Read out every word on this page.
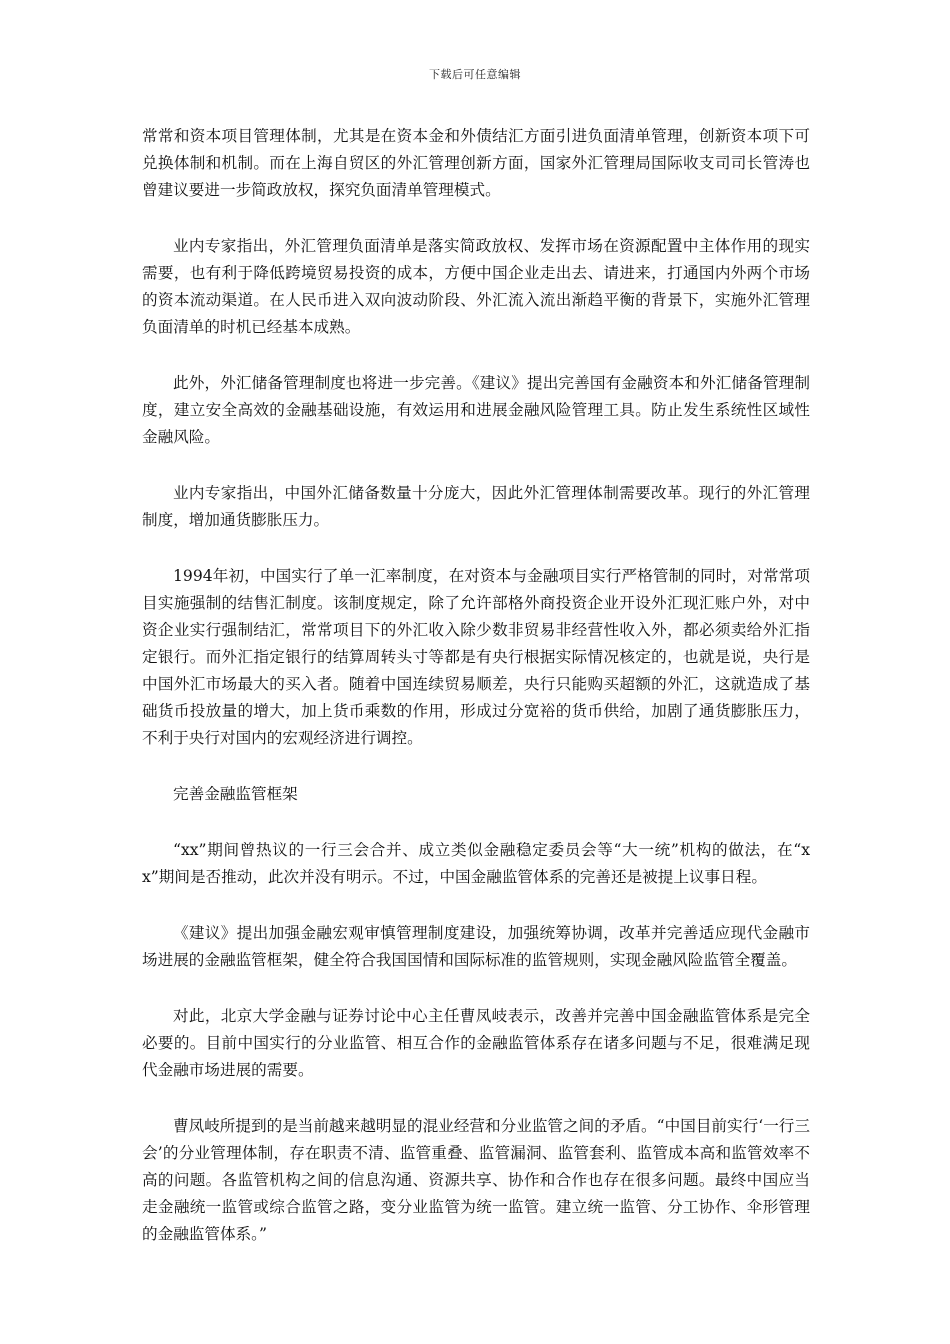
下载后可任意编辑

常常和资本项目管理体制，尤其是在资本金和外债结汇方面引进负面清单管理，创新资本项下可兑换体制和机制。而在上海自贸区的外汇管理创新方面，国家外汇管理局国际收支司司长管涛也曾建议要进一步简政放权，探究负面清单管理模式。

业内专家指出，外汇管理负面清单是落实简政放权、发挥市场在资源配置中主体作用的现实需要，也有利于降低跨境贸易投资的成本，方便中国企业走出去、请进来，打通国内外两个市场的资本流动渠道。在人民币进入双向波动阶段、外汇流入流出渐趋平衡的背景下，实施外汇管理负面清单的时机已经基本成熟。

此外，外汇储备管理制度也将进一步完善。《建议》提出完善国有金融资本和外汇储备管理制度，建立安全高效的金融基础设施，有效运用和进展金融风险管理工具。防止发生系统性区域性金融风险。

业内专家指出，中国外汇储备数量十分庞大，因此外汇管理体制需要改革。现行的外汇管理制度，增加通货膨胀压力。

1994年初，中国实行了单一汇率制度，在对资本与金融项目实行严格管制的同时，对常常项目实施强制的结售汇制度。该制度规定，除了允许部格外商投资企业开设外汇现汇账户外，对中资企业实行强制结汇，常常项目下的外汇收入除少数非贸易非经营性收入外，都必须卖给外汇指定银行。而外汇指定银行的结算周转头寸等都是有央行根据实际情况核定的，也就是说，央行是中国外汇市场最大的买入者。随着中国连续贸易顺差，央行只能购买超额的外汇，这就造成了基础货币投放量的增大，加上货币乘数的作用，形成过分宽裕的货币供给，加剧了通货膨胀压力，不利于央行对国内的宏观经济进行调控。

完善金融监管框架

“xx”期间曾热议的一行三会合并、成立类似金融稳定委员会等“大一统”机构的做法，在“xx”期间是否推动，此次并没有明示。不过，中国金融监管体系的完善还是被提上议事日程。

《建议》提出加强金融宏观审慎管理制度建设，加强统筹协调，改革并完善适应现代金融市场进展的金融监管框架，健全符合我国国情和国际标准的监管规则，实现金融风险监管全覆盖。

对此，北京大学金融与证券讨论中心主任曹凤岐表示，改善并完善中国金融监管体系是完全必要的。目前中国实行的分业监管、相互合作的金融监管体系存在诸多问题与不足，很难满足现代金融市场进展的需要。

曹凤岐所提到的是当前越来越明显的混业经营和分业监管之间的矛盾。“中国目前实行‘一行三会’的分业管理体制，存在职责不清、监管重叠、监管漏洞、监管套利、监管成本高和监管效率不高的问题。各监管机构之间的信息沟通、资源共享、协作和合作也存在很多问题。最终中国应当走金融统一监管或综合监管之路，变分业监管为统一监管。建立统一监管、分工协作、伞形管理的金融监管体系。”
